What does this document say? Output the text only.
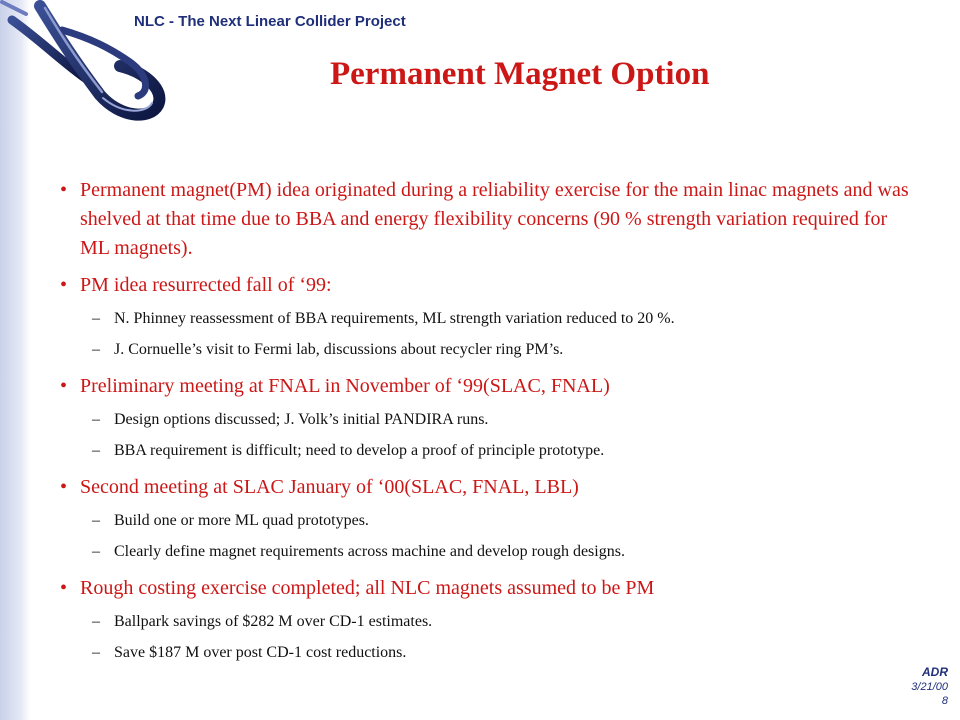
NLC - The Next Linear Collider Project
Permanent Magnet Option
• Permanent magnet(PM) idea originated during a reliability exercise for the main linac magnets and was shelved at that time due to BBA and energy flexibility concerns (90 % strength variation required for ML magnets).
• PM idea resurrected fall of ‘99:
– N. Phinney reassessment of BBA requirements, ML strength variation reduced to 20 %.
– J. Cornuelle’s visit to Fermi lab, discussions about recycler ring PM’s.
• Preliminary meeting at FNAL in November of ‘99(SLAC, FNAL)
– Design options discussed; J. Volk’s initial PANDIRA runs.
– BBA requirement is difficult; need to develop a proof of principle prototype.
• Second meeting at SLAC January of ‘00(SLAC, FNAL, LBL)
– Build one or more ML quad prototypes.
– Clearly define magnet requirements across machine and develop rough designs.
• Rough costing exercise completed; all NLC magnets assumed to be PM
– Ballpark savings of $282 M over CD-1 estimates.
– Save $187 M over post CD-1 cost reductions.
ADR
3/21/00
8
